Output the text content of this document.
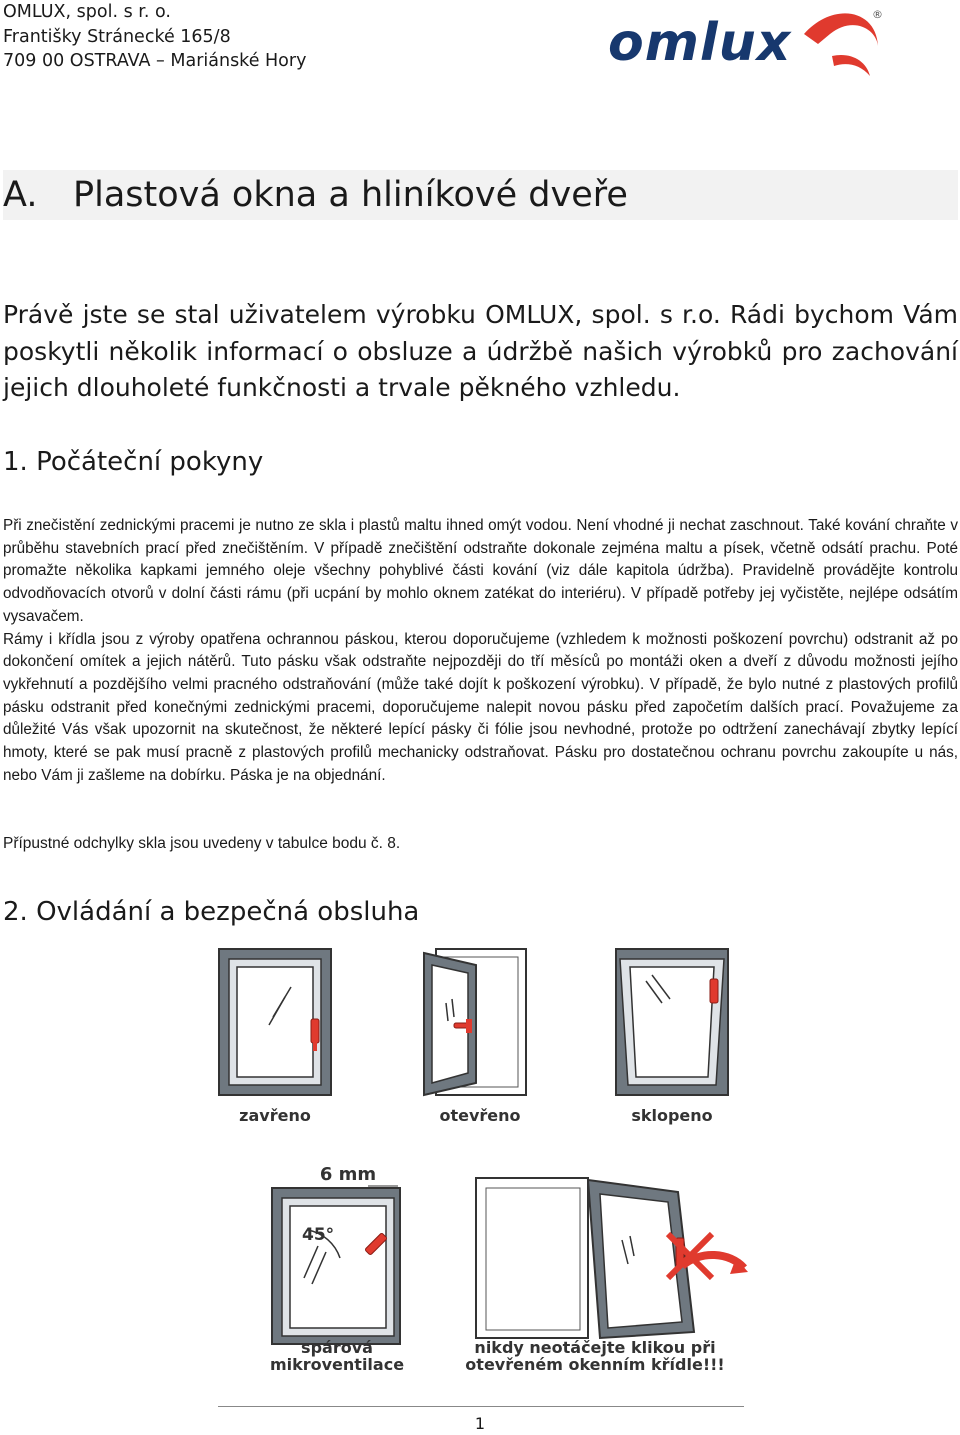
OMLUX, spol. s r. o.
Františky Stránecké 165/8
709 00 OSTRAVA – Mariánské Hory	omlux	®
A. Plastová okna a hliníkové dveře
Právě jste se stal uživatelem výrobku OMLUX, spol. s r.o. Rádi bychom Vám poskytli několik informací o obsluze a údržbě našich výrobků pro zachování jejich dlouholeté funkčnosti a trvale pěkného vzhledu.
1. Počáteční pokyny

Při znečistění zednickými pracemi je nutno ze skla i plastů maltu ihned omýt vodou. Není vhodné ji nechat zaschnout. Také kování chraňte v průběhu stavebních prací před znečištěním. V případě znečištění odstraňte dokonale zejména maltu a písek, včetně odsátí prachu. Poté promažte několika kapkami jemného oleje všechny pohyblivé části kování (viz dále kapitola údržba). Pravidelně provádějte kontrolu odvodňovacích otvorů v dolní části rámu (při ucpání by mohlo oknem zatékat do interiéru). V případě potřeby jej vyčistěte, nejlépe odsátím vysavačem.

Rámy i křídla jsou z výroby opatřena ochrannou páskou, kterou doporučujeme (vzhledem k možnosti poškození povrchu) odstranit až po dokončení omítek a jejich nátěrů. Tuto pásku však odstraňte nejpozději do tří měsíců po montáži oken a dveří z důvodu možnosti jejího vykřehnutí a pozdějšího velmi pracného odstraňování (může také dojít k poškození výrobku). V případě, že bylo nutné z plastových profilů pásku odstranit před konečnými zednickými pracemi, doporučujeme nalepit novou pásku před započetím dalších prací. Považujeme za důležité Vás však upozornit na skutečnost, že některé lepící pásky či fólie jsou nevhodné, protože po odtržení zanechávají zbytky lepící hmoty, které se pak musí pracně z plastových profilů mechanicky odstraňovat. Pásku pro dostatečnou ochranu povrchu zakoupíte u nás, nebo Vám ji zašleme na dobírku. Páska je na objednání.

Přípustné odchylky skla jsou uvedeny v tabulce bodu č. 8.
2. Ovládání a bezpečná obsluha
zavřeno	otevřeno	sklopeno
6 mm
45°
spárová
mikroventilace
nikdy neotáčejte klikou při
otevřeném okenním křídle!!!
1
